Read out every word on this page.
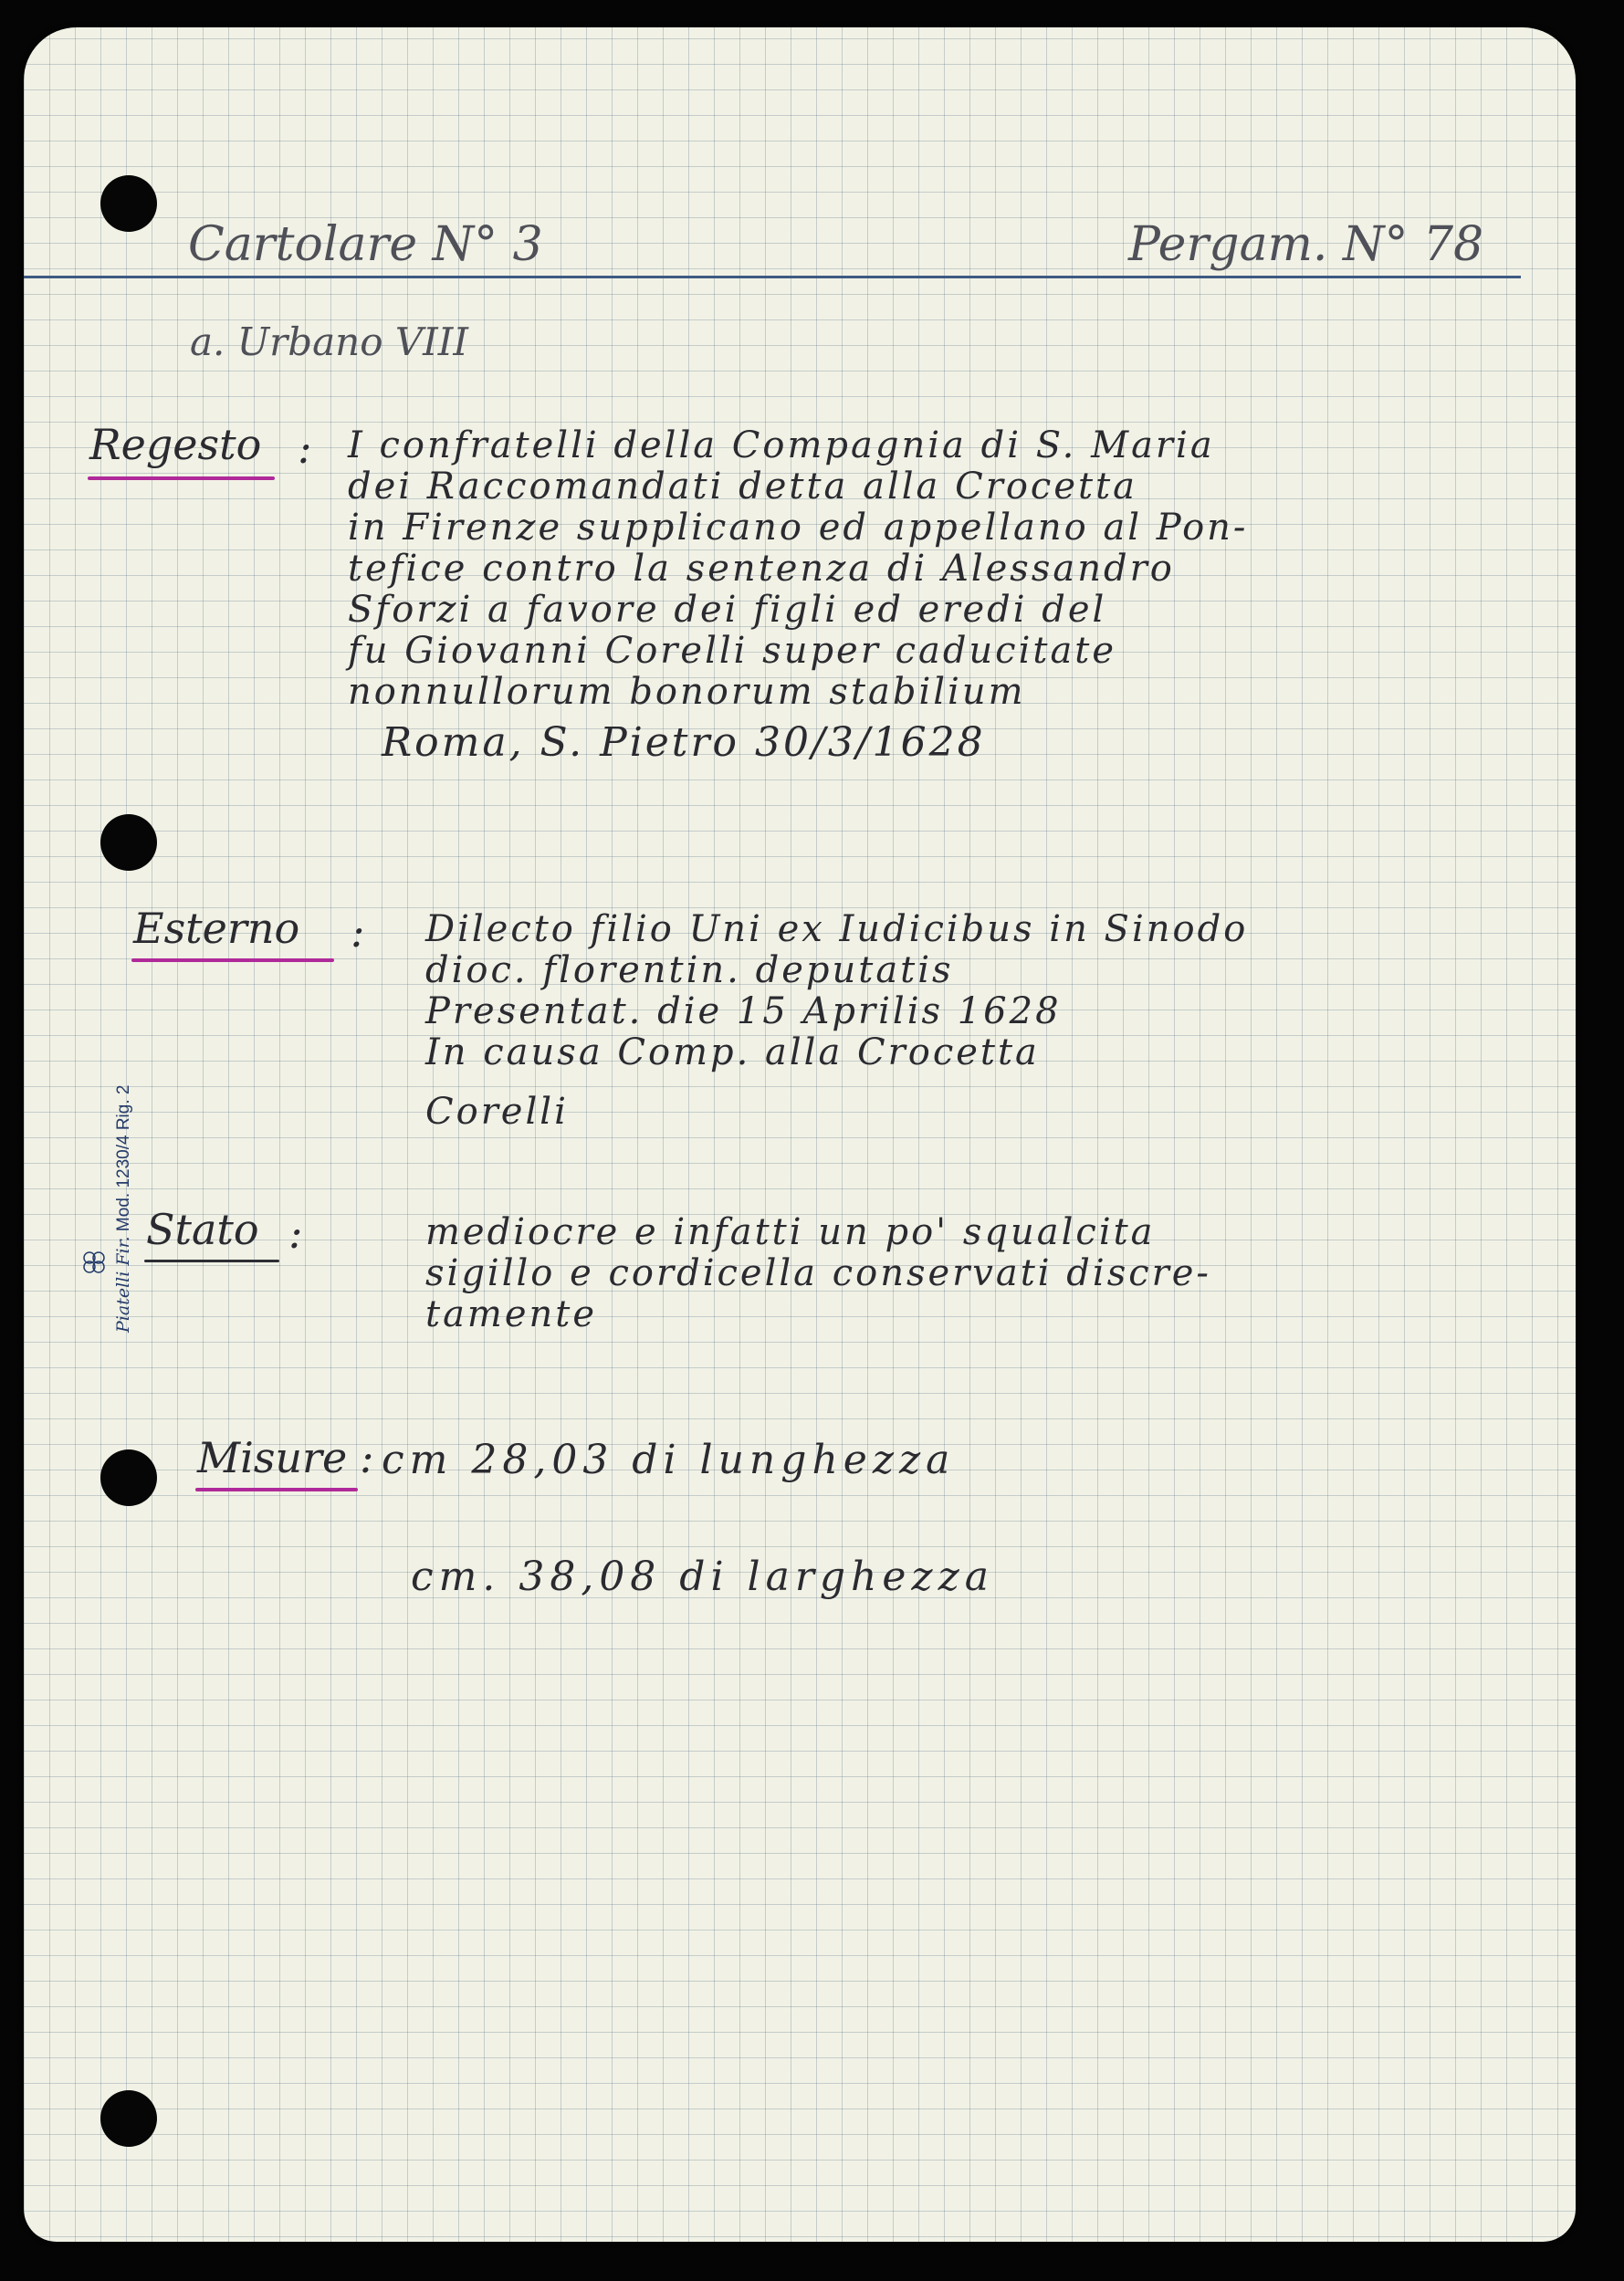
Cartolare N° 3	Pergam. N° 78

a. Urbano VIII

Regesto : I confratelli della Compagnia di S. Maria

dei Raccomandati detta alla Crocetta

in Firenze supplicano ed appellano al Pon-

tefice contro la sentenza di Alessandro

Sforzi a favore dei figli ed eredi del

fu Giovanni Corelli super caducitate

nonnullorum bonorum stabilium

Roma, S. Pietro 30/3/1628

Esterno : Dilecto filio Uni ex Iudicibus in Sinodo

dioc. florentin. deputatis

Presentat. die 15 Aprilis 1628

In causa Comp. alla Crocetta

Corelli

Stato :	mediocre e infatti un po' squalcita

sigillo e cordicella conservati discre-

tamente

Misure : cm 28,03 di lunghezza

cm. 38,08 di larghezza

Piatelli Fir. Mod. 1230/4 Rig. 2
